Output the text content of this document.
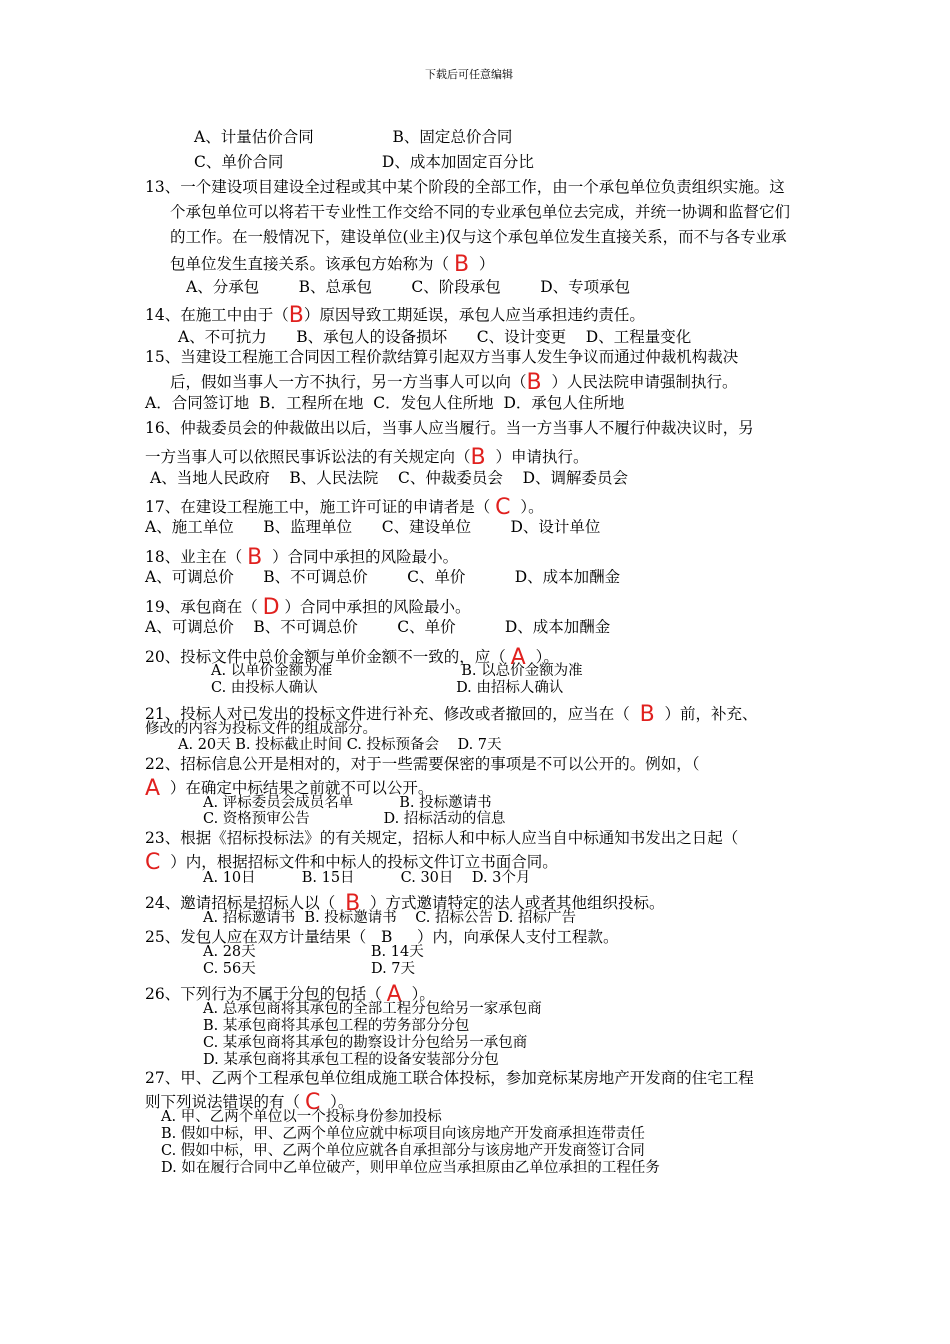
下载后可任意编辑
A、计量估价合同                B、固定总价合同
C、单价合同                    D、成本加固定百分比
13、一个建设项目建设全过程或其中某个阶段的全部工作，由一个承包单位负责组织实施。这
个承包单位可以将若干专业性工作交给不同的专业承包单位去完成，并统一协调和监督它们
的工作。在一般情况下，建设单位(业主)仅与这个承包单位发生直接关系，而不与各专业承
包单位发生直接关系。该承包方始称为（ B  ）
A、分承包        B、总承包        C、阶段承包        D、专项承包
14、在施工中由于（B）原因导致工期延误，承包人应当承担违约责任。
A、不可抗力      B、承包人的设备损坏      C、设计变更    D、工程量变化
15、当建设工程施工合同因工程价款结算引起双方当事人发生争议而通过仲裁机构裁决
后，假如当事人一方不执行，另一方当事人可以向（B  ）人民法院申请强制执行。
A．合同签订地  B．工程所在地  C．发包人住所地  D．承包人住所地
16、仲裁委员会的仲裁做出以后，当事人应当履行。当一方当事人不履行仲裁决议时，另
一方当事人可以依照民事诉讼法的有关规定向（B  ）申请执行。
A、当地人民政府    B、人民法院    C、仲裁委员会    D、调解委员会
17、在建设工程施工中，施工许可证的申请者是（ C  ）。
A、施工单位      B、监理单位      C、建设单位        D、设计单位
18、业主在（ B  ）合同中承担的风险最小。
A、可调总价      B、不可调总价        C、单价          D、成本加酬金
19、承包商在（ D ）合同中承担的风险最小。
A、可调总价    B、不可调总价        C、单价          D、成本加酬金
20、投标文件中总价金额与单价金额不一致的，应（ A  ）。
A. 以单价金额为准                            B. 以总价金额为准
C. 由投标人确认                              D. 由招标人确认
21、投标人对已发出的投标文件进行补充、修改或者撤回的，应当在（  B  ）前，补充、
修改的内容为投标文件的组成部分。
A. 20天 B. 投标截止时间 C. 投标预备会    D. 7天
22、招标信息公开是相对的，对于一些需要保密的事项是不可以公开的。例如，（
A  ）在确定中标结果之前就不可以公开。
A. 评标委员会成员名单          B. 投标邀请书
C. 资格预审公告                D. 招标活动的信息
23、根据《招标投标法》的有关规定，招标人和中标人应当自中标通知书发出之日起（
C  ）内，根据招标文件和中标人的投标文件订立书面合同。
A. 10日          B. 15日          C. 30日    D. 3个月
24、邀请招标是招标人以（  B  ）方式邀请特定的法人或者其他组织投标。
A. 招标邀请书  B. 投标邀请书    C. 招标公告 D. 招标广告
25、发包人应在双方计量结果（   B     ）内，向承保人支付工程款。
A. 28天                         B. 14天
C. 56天                         D. 7天
26、下列行为不属于分包的包括（ A  ）。
A. 总承包商将其承包的全部工程分包给另一家承包商
B. 某承包商将其承包工程的劳务部分分包
C. 某承包商将其承包的勘察设计分包给另一承包商
D. 某承包商将其承包工程的设备安装部分分包
27、甲、乙两个工程承包单位组成施工联合体投标，参加竞标某房地产开发商的住宅工程
则下列说法错误的有（ C  ）。
A. 甲、乙两个单位以一个投标身份参加投标
B. 假如中标，甲、乙两个单位应就中标项目向该房地产开发商承担连带责任
C. 假如中标，甲、乙两个单位应就各自承担部分与该房地产开发商签订合同
D. 如在履行合同中乙单位破产，则甲单位应当承担原由乙单位承担的工程任务
